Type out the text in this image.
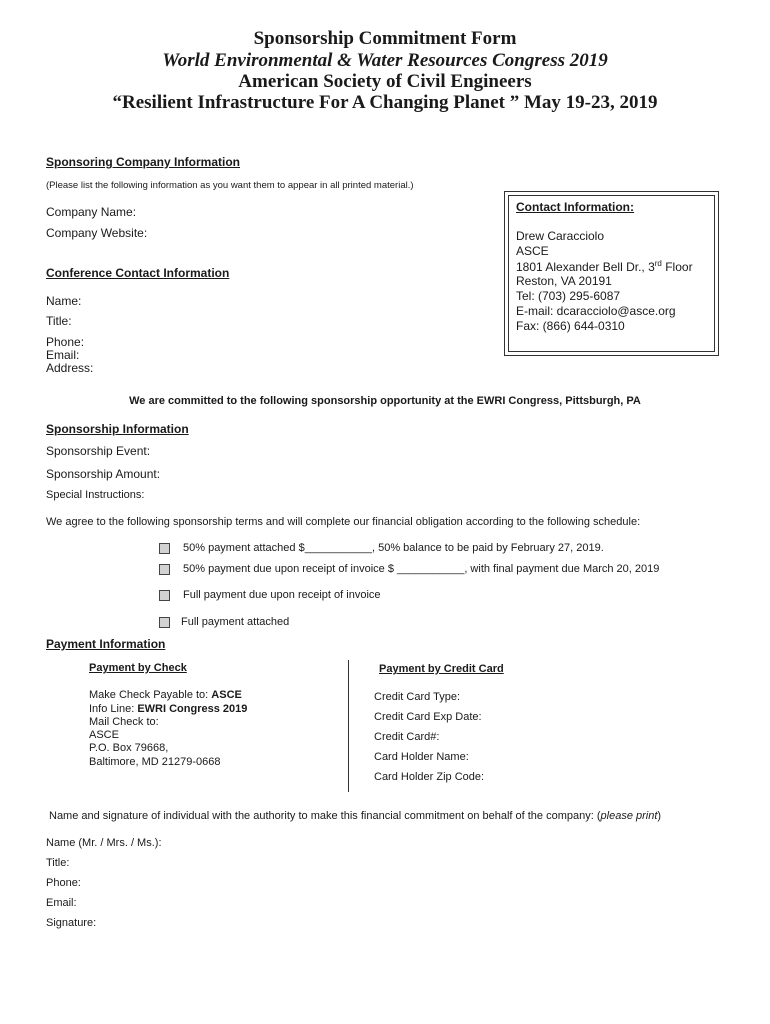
Sponsorship Commitment Form
World Environmental & Water Resources Congress 2019
American Society of Civil Engineers
“Resilient Infrastructure For A Changing Planet ” May 19-23, 2019
Sponsoring Company Information
(Please list the following information as you want them to appear in all printed material.)
Company Name:
Company Website:
Contact Information:
Drew Caracciolo
ASCE
1801 Alexander Bell Dr., 3rd Floor
Reston, VA 20191
Tel: (703) 295-6087
E-mail: dcaracciolo@asce.org
Fax: (866) 644-0310
Conference Contact Information
Name:
Title:
Phone:
Email:
Address:
We are committed to the following sponsorship opportunity at the EWRI Congress, Pittsburgh, PA
Sponsorship Information
Sponsorship Event:
Sponsorship Amount:
Special Instructions:
We agree to the following sponsorship terms and will complete our financial obligation according to the following schedule:
50% payment attached $___________, 50% balance to be paid by February 27, 2019.
50% payment due upon receipt of invoice $ ___________, with final payment due March 20, 2019
Full payment due upon receipt of invoice
Full payment attached
Payment Information
Payment by Check
Make Check Payable to: ASCE
Info Line: EWRI Congress 2019
Mail Check to:
ASCE
P.O. Box 79668,
Baltimore, MD 21279-0668
Payment by Credit Card
Credit Card Type:
Credit Card Exp Date:
Credit Card#:
Card Holder Name:
Card Holder Zip Code:
Name and signature of individual with the authority to make this financial commitment on behalf of the company: (please print)
Name (Mr. / Mrs. / Ms.):
Title:
Phone:
Email:
Signature:
